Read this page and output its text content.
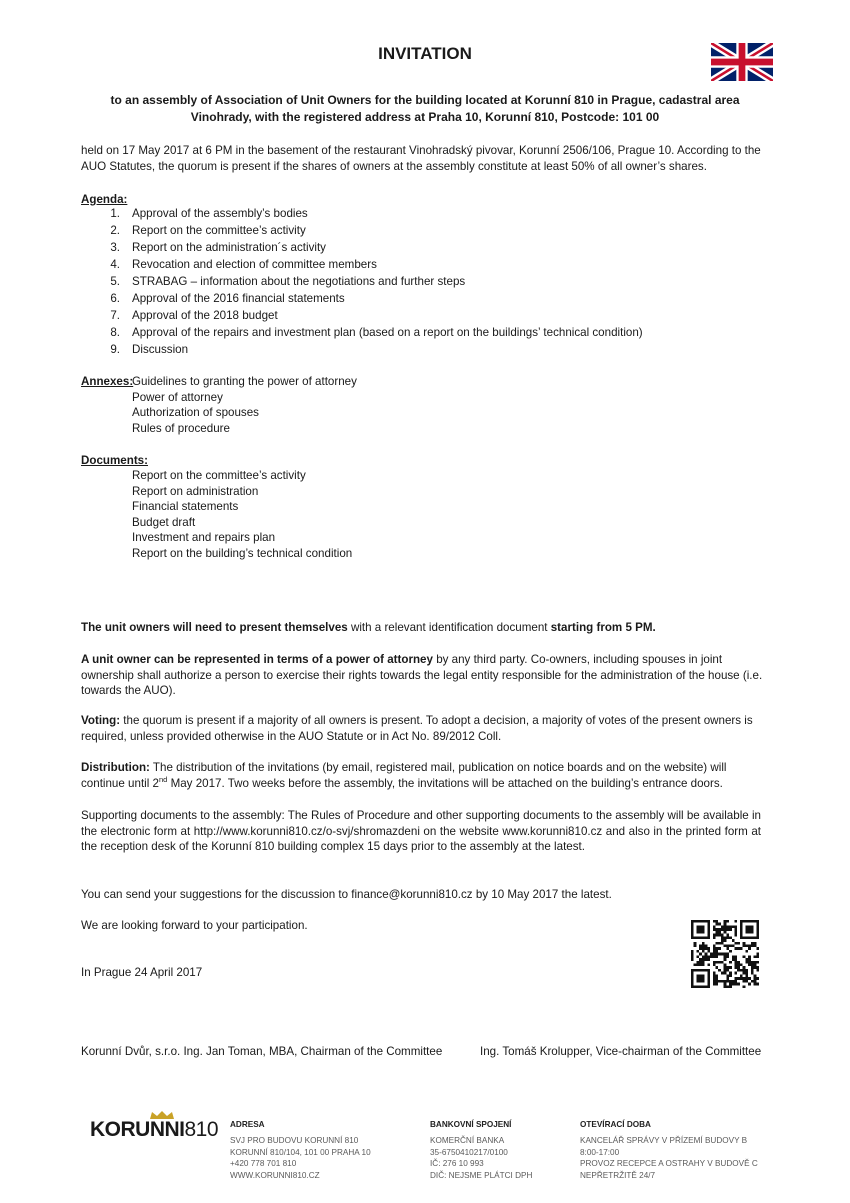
INVITATION
to an assembly of Association of Unit Owners for the building located at Korunní 810 in Prague, cadastral area
Vinohrady, with the registered address at Praha 10, Korunní 810, Postcode: 101 00
held on 17 May 2017 at 6 PM in the basement of the restaurant Vinohradský pivovar, Korunní 2506/106, Prague 10. According to the AUO Statutes, the quorum is present if the shares of owners at the assembly constitute at least 50% of all owner’s shares.
Agenda:
1. Approval of the assembly’s bodies
2. Report on the committee’s activity
3. Report on the administration´s activity
4. Revocation and election of committee members
5. STRABAG – information about the negotiations and further steps
6. Approval of the 2016 financial statements
7. Approval of the 2018 budget
8. Approval of the repairs and investment plan (based on a report on the buildings’ technical condition)
9. Discussion
Annexes:
Guidelines to granting the power of attorney
Power of attorney
Authorization of spouses
Rules of procedure
Documents:
Report on the committee’s activity
Report on administration
Financial statements
Budget draft
Investment and repairs plan
Report on the building’s technical condition
The unit owners will need to present themselves with a relevant identification document starting from 5 PM.
A unit owner can be represented in terms of a power of attorney by any third party. Co-owners, including spouses in joint ownership shall authorize a person to exercise their rights towards the legal entity responsible for the administration of the house (i.e. towards the AUO).
Voting: the quorum is present if a majority of all owners is present. To adopt a decision, a majority of votes of the present owners is required, unless provided otherwise in the AUO Statute or in Act No. 89/2012 Coll.
Distribution: The distribution of the invitations (by email, registered mail, publication on notice boards and on the website) will continue until 2nd May 2017. Two weeks before the assembly, the invitations will be attached on the building’s entrance doors.
Supporting documents to the assembly: The Rules of Procedure and other supporting documents to the assembly will be available in the electronic form at http://www.korunni810.cz/o-svj/shromazdeni on the website www.korunni810.cz and also in the printed form at the reception desk of the Korunní 810 building complex 15 days prior to the assembly at the latest.
You can send your suggestions for the discussion to finance@korunni810.cz by 10 May 2017 the latest.
We are looking forward to your participation.
In Prague 24 April 2017
Korunní Dvůr, s.r.o. Ing. Jan Toman, MBA, Chairman of the Committee	Ing. Tomáš Krolupper, Vice-chairman of the Committee
KORUNNI810 ADRESA
SVJ PRO BUDOVU KORUNNÍ 810
KORUNNÍ 810/104, 101 00 PRAHA 10
+420 778 701 810
WWW.KORUNNI810.CZ
BANKOVNÍ SPOJENÍ
KOMERČNÍ BANKA
35-6750410217/0100
IČ: 276 10 993
DIČ: NEJSME PLÁTCI DPH
OTEVÍRACÍ DOBA
KANCELÁŘ SPRÁVY V PŘÍZEMÍ BUDOVY B
8:00-17:00
PROVOZ RECEPCE A OSTRAHY V BUDOVĚ C
NEPŘETRŽITĚ 24/7
